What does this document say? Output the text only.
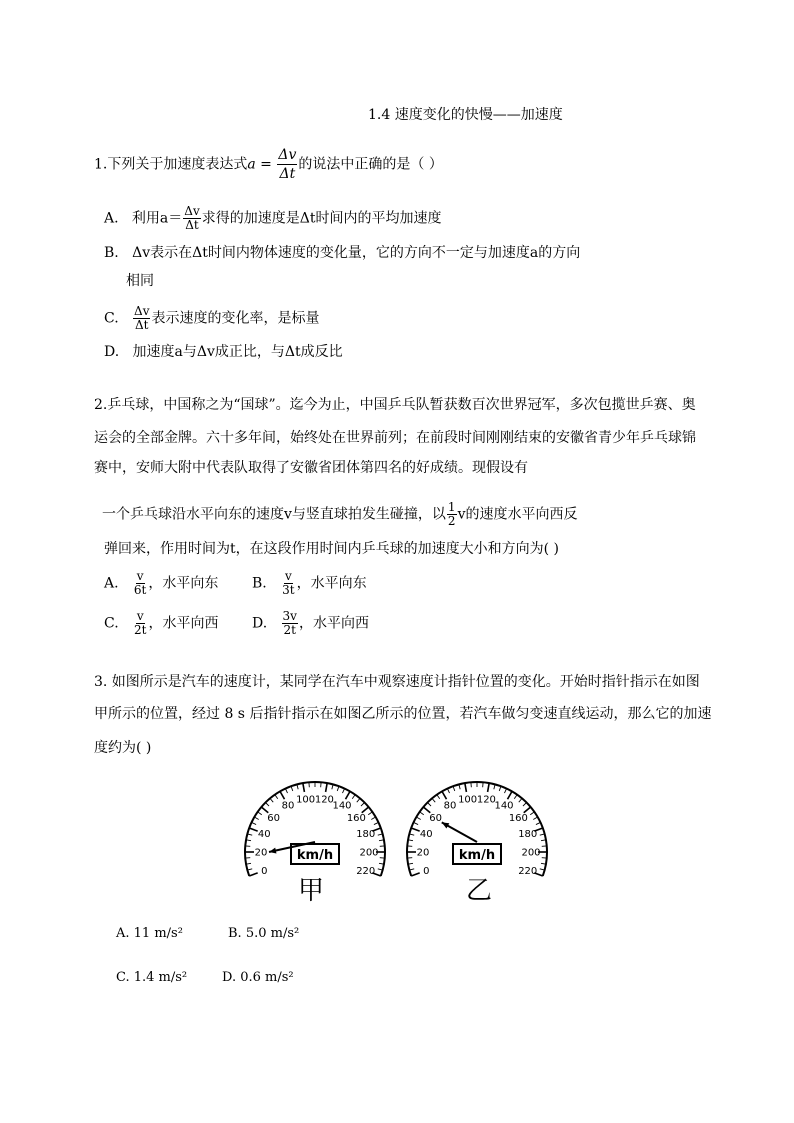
1.4 速度变化的快慢——加速度
1.下列关于加速度表达式$a = \frac{\Delta v}{\Delta t}$ 的说法中正确的是（ ）
A. 利用$a= \frac{\Delta v}{\Delta t}$ 求得的加速度是Δt时间内的平均加速度
B. Δv表示在Δt时间内物体速度的变化量，它的方向不一定与加速度a的方向
相同
C. $\frac{\Delta v}{\Delta t}$ 表示速度的变化率，是标量
D. 加速度a与Δv成正比，与Δt成反比
2.乒乓球，中国称之为“国球”。迄今为止，中国乒乓队暂获数百次世界冠军，多次包揽世乒赛、奥
运会的全部金牌。六十多年间，始终处在世界前列；在前段时间刚刚结束的安徽省青少年乒乓球锦
赛中，安师大附中代表队取得了安徽省团体第四名的好成绩。现假设有
一个乒乓球沿水平向东的速度v与竖直球拍发生碰撞，以 $\frac{1}{2}$ v的速度水平向西反
弹回来，作用时间为t，在这段作用时间内乒乓球的加速度大小和方向为( )
A. $\frac{v}{6t}$ ，水平向东 B. $\frac{v}{3t}$ ，水平向东
C. $\frac{v}{2t}$ ，水平向西 D. $\frac{3v}{2t}$ ，水平向西
3. 如图所示是汽车的速度计，某同学在汽车中观察速度计指针位置的变化。开始时指针指示在如图
甲所示的位置，经过 8 s 后指针指示在如图乙所示的位置，若汽车做匀变速直线运动，那么它的加速
度约为( )
0
20
40
60
80
100 120
140
160
180
200
220
km/h
甲
0
20
40
60
80
100 120
140
160
180
200
220
km/h
乙
A. 11 m/s²	B. 5.0 m/s²
C. 1.4 m/s²	D. 0.6 m/s²
